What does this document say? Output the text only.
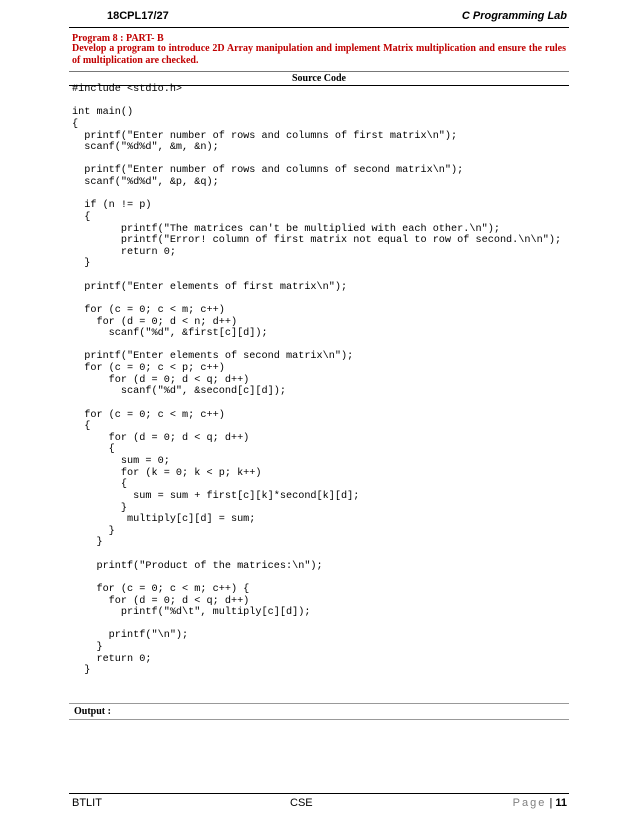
18CPL17/27	C Programming Lab
Program 8 : PART- B
Develop a program to introduce 2D Array manipulation and implement Matrix multiplication and ensure the rules of multiplication are checked.
Source Code
#include <stdio.h>

int main()
{
printf("Enter number of rows and columns of first matrix\n");
scanf("%d%d", &m, &n);

printf("Enter number of rows and columns of second matrix\n");
scanf("%d%d", &p, &q);

if (n != p)
{
printf("The matrices can't be multiplied with each other.\n");
printf("Error! column of first matrix not equal to row of second.\n\n");
return 0;
}

printf("Enter elements of first matrix\n");

for (c = 0; c < m; c++)
for (d = 0; d < n; d++)
scanf("%d", &first[c][d]);

printf("Enter elements of second matrix\n");
for (c = 0; c < p; c++)
for (d = 0; d < q; d++)
scanf("%d", &second[c][d]);

for (c = 0; c < m; c++)
{
for (d = 0; d < q; d++)
{
sum = 0;
for (k = 0; k < p; k++)
{
sum = sum + first[c][k]*second[k][d];
}
multiply[c][d] = sum;
}
}

printf("Product of the matrices:\n");

for (c = 0; c < m; c++) {
for (d = 0; d < q; d++)
printf("%d\t", multiply[c][d]);

printf("\n");
}
return 0;
}

Output :
BTLIT	CSE	Page | 11
